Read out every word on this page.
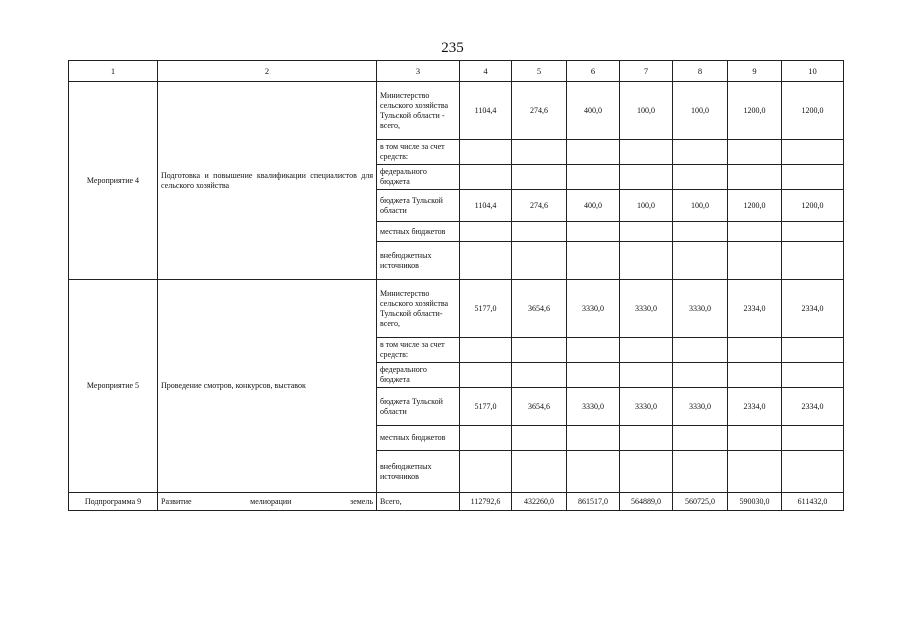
235
1	2	3	4	5	6	7	8	9	10
Мероприятие 4	Подготовка и повышение квалификации специалистов для сельского хозяйства	Министерство сельского хозяйства Тульской области - всего,	1104,4	274,6	400,0	100,0	100,0	1200,0	1200,0
		в том числе за счет средств:							
		федерального бюджета							
		бюджета Тульской области	1104,4	274,6	400,0	100,0	100,0	1200,0	1200,0
		местных бюджетов							
		внебюджетных источников							
Мероприятие 5	Проведение смотров, конкурсов, выставок	Министерство сельского хозяйства Тульской области- всего,	5177,0	3654,6	3330,0	3330,0	3330,0	2334,0	2334,0
		в том числе за счет средств:							
		федерального бюджета							
		бюджета Тульской области	5177,0	3654,6	3330,0	3330,0	3330,0	2334,0	2334,0
		местных бюджетов							
		внебюджетных источников							
Подпрограмма 9	Развитие мелиорации земель	Всего,	112792,6	432260,0	861517,0	564889,0	560725,0	590030,0	611432,0
